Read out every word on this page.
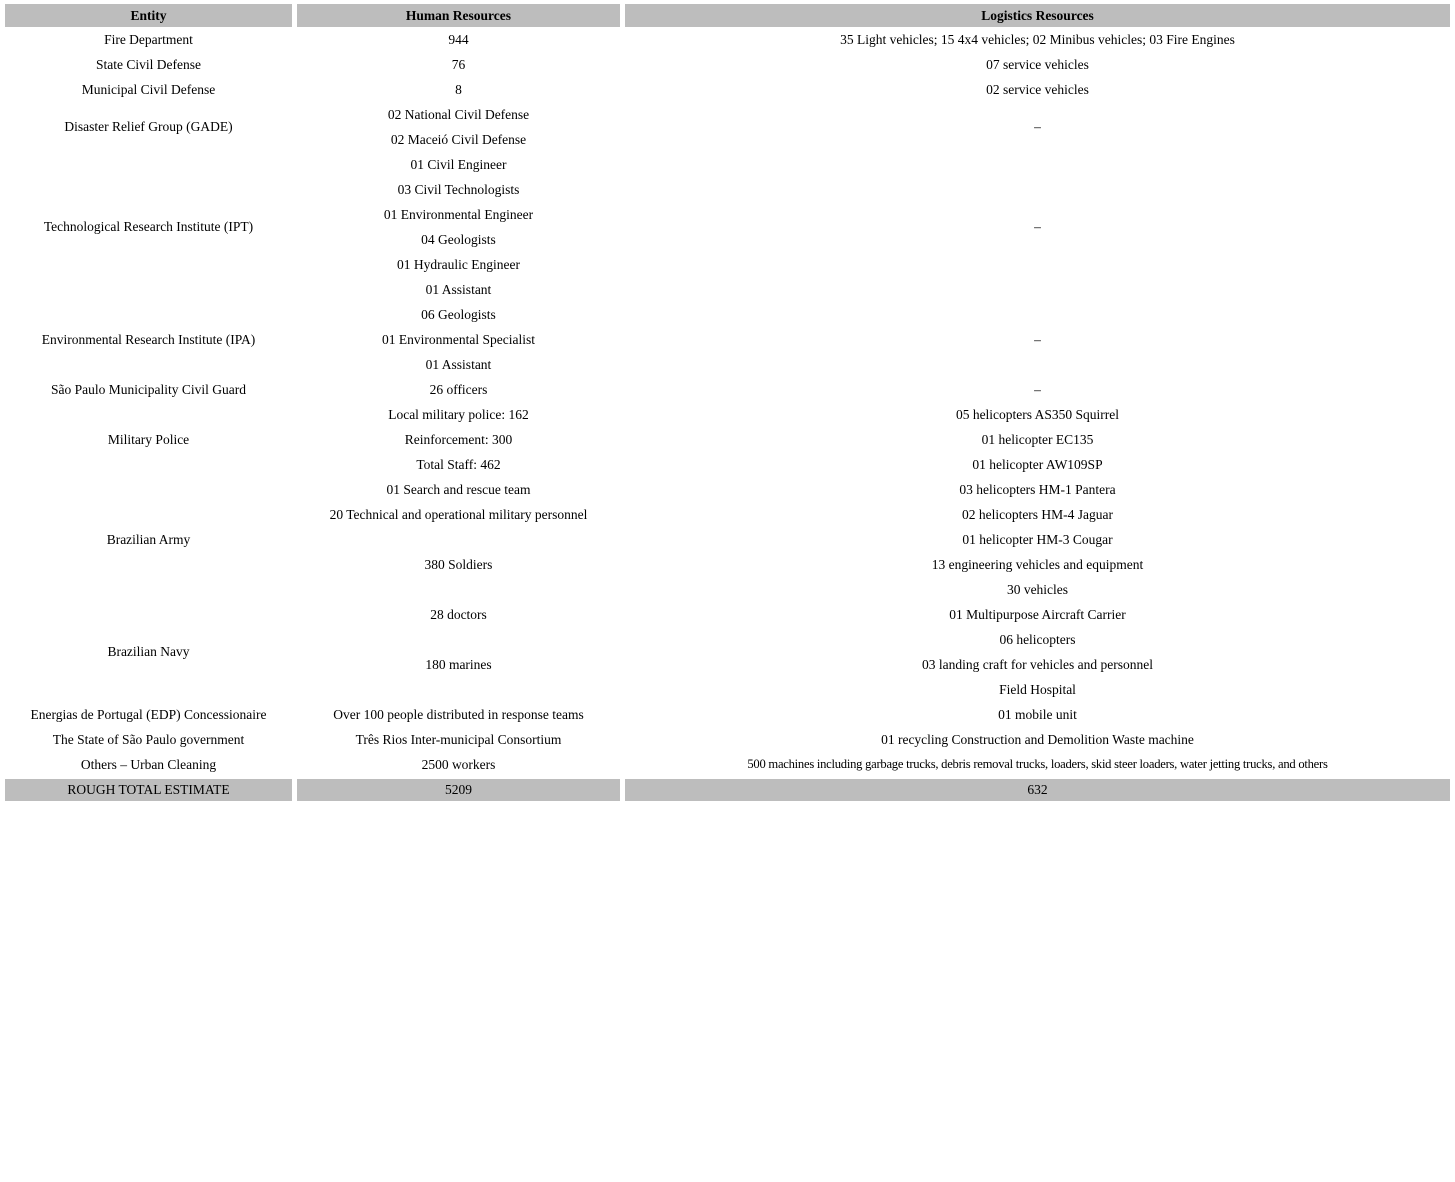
Entity	Human Resources	Logistics Resources
Fire Department	944	35 Light vehicles; 15 4x4 vehicles; 02 Minibus vehicles; 03 Fire Engines
State Civil Defense	76	07 service vehicles
Municipal Civil Defense	8	02 service vehicles
Disaster Relief Group (GADE)	02 National Civil Defense	–
	02 Maceió Civil Defense	
Technological Research Institute (IPT)	01 Civil Engineer	–
	03 Civil Technologists	
	01 Environmental Engineer	
	04 Geologists	
	01 Hydraulic Engineer	
	01 Assistant	
Environmental Research Institute (IPA)	06 Geologists	–
	01 Environmental Specialist	
	01 Assistant	
São Paulo Municipality Civil Guard	26 officers	–
Military Police	Local military police: 162	05 helicopters AS350 Squirrel
	Reinforcement: 300	01 helicopter EC135
	Total Staff: 462	01 helicopter AW109SP
Brazilian Army	01 Search and rescue team	03 helicopters HM-1 Pantera
	20 Technical and operational military personnel	02 helicopters HM-4 Jaguar
		01 helicopter HM-3 Cougar
	380 Soldiers	13 engineering vehicles and equipment
		30 vehicles
Brazilian Navy	28 doctors	01 Multipurpose Aircraft Carrier
		06 helicopters
	180 marines	03 landing craft for vehicles and personnel
		Field Hospital
Energias de Portugal (EDP) Concessionaire	Over 100 people distributed in response teams	01 mobile unit
The State of São Paulo government	Três Rios Inter-municipal Consortium	01 recycling Construction and Demolition Waste machine
Others – Urban Cleaning	2500 workers	500 machines including garbage trucks, debris removal trucks, loaders, skid steer loaders, water jetting trucks, and others
ROUGH TOTAL ESTIMATE	5209	632
